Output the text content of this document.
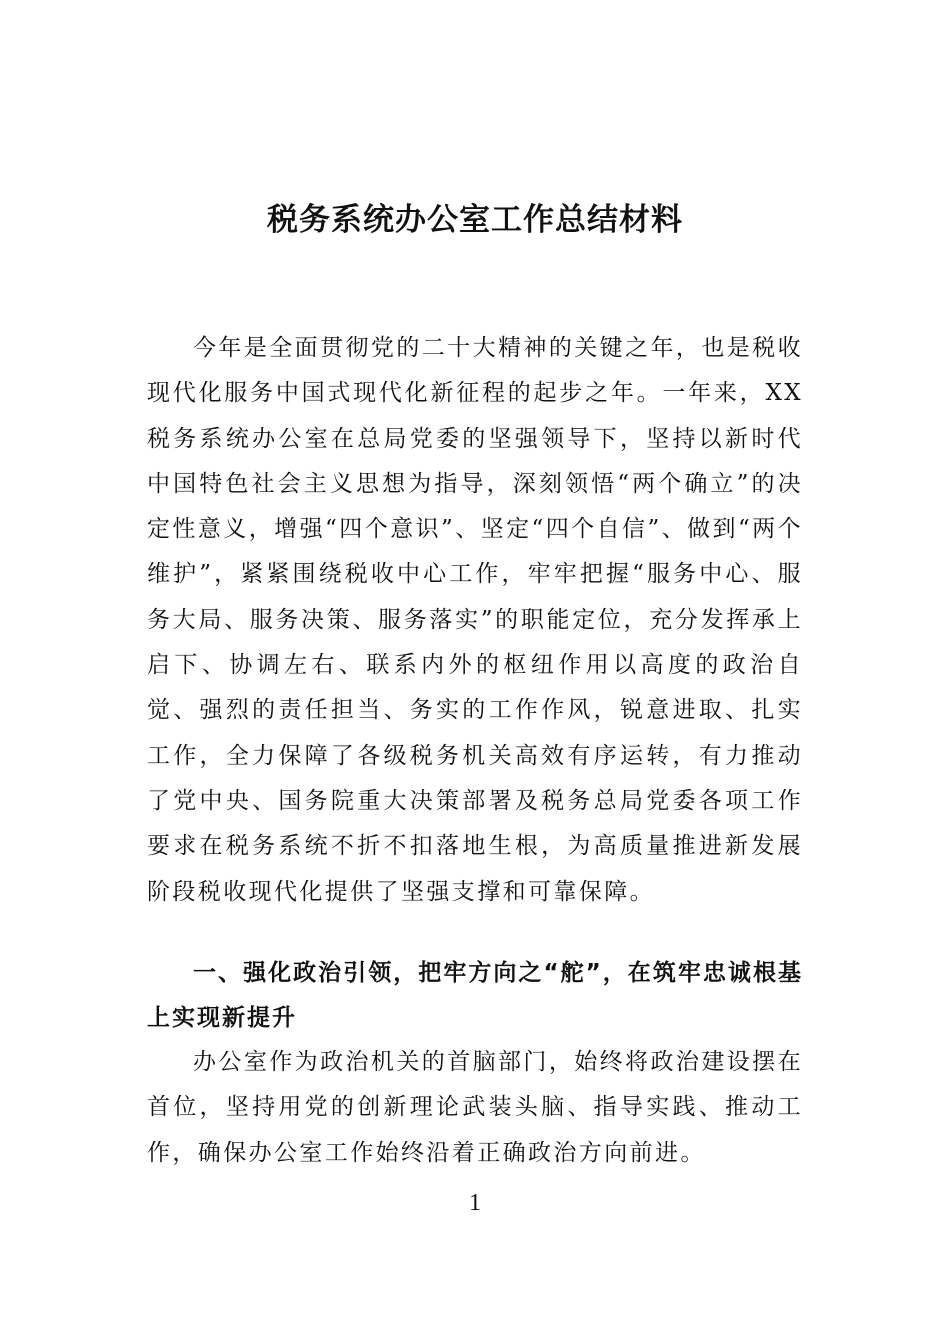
税务系统办公室工作总结材料

今年是全面贯彻党的二十大精神的关键之年，也是税收现代化服务中国式现代化新征程的起步之年。一年来，XX税务系统办公室在总局党委的坚强领导下，坚持以新时代中国特色社会主义思想为指导，深刻领悟“两个确立”的决定性意义，增强“四个意识”、坚定“四个自信”、做到“两个维护”，紧紧围绕税收中心工作，牢牢把握“服务中心、服务大局、服务决策、服务落实”的职能定位，充分发挥承上启下、协调左右、联系内外的枢纽作用以高度的政治自觉、强烈的责任担当、务实的工作作风，锐意进取、扎实工作，全力保障了各级税务机关高效有序运转，有力推动了党中央、国务院重大决策部署及税务总局党委各项工作要求在税务系统不折不扣落地生根，为高质量推进新发展阶段税收现代化提供了坚强支撑和可靠保障。

一、强化政治引领，把牢方向之“舵”，在筑牢忠诚根基上实现新提升

办公室作为政治机关的首脑部门，始终将政治建设摆在首位，坚持用党的创新理论武装头脑、指导实践、推动工作，确保办公室工作始终沿着正确政治方向前进。

1
